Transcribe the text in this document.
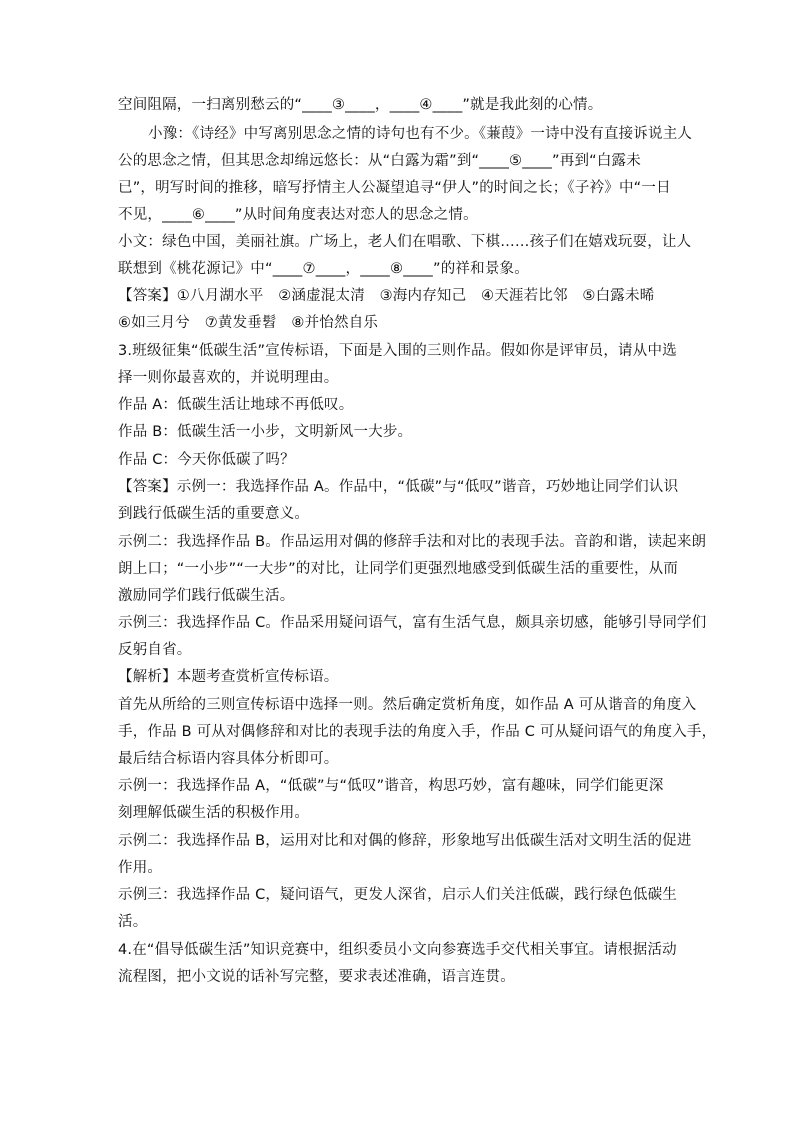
空间阻隔，一扫离别愁云的“____③____，____④____”就是我此刻的心情。
小豫：《诗经》中写离别思念之情的诗句也有不少。《蒹葭》一诗中没有直接诉说主人
公的思念之情，但其思念却绵远悠长：从“白露为霜”到“____⑤____”再到“白露未
已”，明写时间的推移，暗写抒情主人公凝望追寻“伊人”的时间之长；《子衿》中“一日
不见，____⑥____”从时间角度表达对恋人的思念之情。
小文：绿色中国，美丽社旗。广场上，老人们在唱歌、下棋……孩子们在嬉戏玩耍，让人
联想到《桃花源记》中“____⑦____，____⑧____”的祥和景象。
【答案】①八月湖水平　②涵虚混太清　③海内存知己　④天涯若比邻　⑤白露未晞
⑥如三月兮　⑦黄发垂髫　⑧并怡然自乐
3.班级征集“低碳生活”宣传标语，下面是入围的三则作品。假如你是评审员，请从中选
择一则你最喜欢的，并说明理由。
作品 A：低碳生活让地球不再低叹。
作品 B：低碳生活一小步，文明新风一大步。
作品 C：今天你低碳了吗？
【答案】示例一：我选择作品 A。作品中，“低碳”与“低叹”谐音，巧妙地让同学们认识
到践行低碳生活的重要意义。
示例二：我选择作品 B。作品运用对偶的修辞手法和对比的表现手法。音韵和谐，读起来朗
朗上口；“一小步”“一大步”的对比，让同学们更强烈地感受到低碳生活的重要性，从而
激励同学们践行低碳生活。
示例三：我选择作品 C。作品采用疑问语气，富有生活气息，颇具亲切感，能够引导同学们
反躬自省。
【解析】本题考查赏析宣传标语。
首先从所给的三则宣传标语中选择一则。然后确定赏析角度，如作品 A 可从谐音的角度入
手，作品 B 可从对偶修辞和对比的表现手法的角度入手，作品 C 可从疑问语气的角度入手，
最后结合标语内容具体分析即可。
示例一：我选择作品 A，“低碳”与“低叹”谐音，构思巧妙，富有趣味，同学们能更深
刻理解低碳生活的积极作用。
示例二：我选择作品 B，运用对比和对偶的修辞，形象地写出低碳生活对文明生活的促进
作用。
示例三：我选择作品 C，疑问语气，更发人深省，启示人们关注低碳，践行绿色低碳生
活。
4.在“倡导低碳生活”知识竞赛中，组织委员小文向参赛选手交代相关事宜。请根据活动
流程图，把小文说的话补写完整，要求表述准确，语言连贯。
